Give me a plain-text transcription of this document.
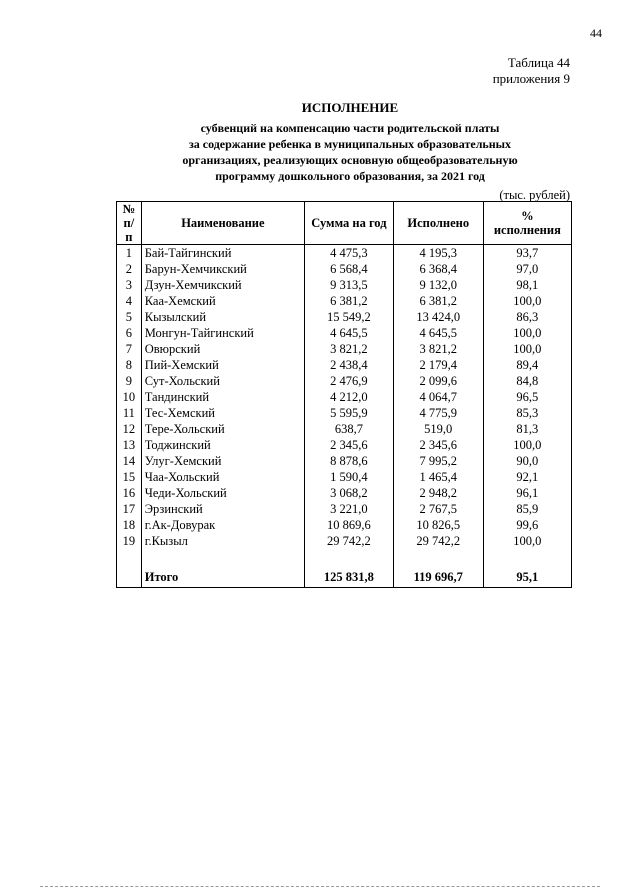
44
Таблица 44
приложения 9
ИСПОЛНЕНИЕ
субвенций на компенсацию части родительской платы
за содержание ребенка в муниципальных образовательных
организациях, реализующих основную общеобразовательную
программу дошкольного образования, за 2021 год
(тыс. рублей)
№
п/п	Наименование	Сумма на год	Исполнено	% исполнения
1	Бай-Тайгинский	4 475,3	4 195,3	93,7
2	Барун-Хемчикский	6 568,4	6 368,4	97,0
3	Дзун-Хемчикский	9 313,5	9 132,0	98,1
4	Каа-Хемский	6 381,2	6 381,2	100,0
5	Кызылский	15 549,2	13 424,0	86,3
6	Монгун-Тайгинский	4 645,5	4 645,5	100,0
7	Овюрский	3 821,2	3 821,2	100,0
8	Пий-Хемский	2 438,4	2 179,4	89,4
9	Сут-Хольский	2 476,9	2 099,6	84,8
10	Тандинский	4 212,0	4 064,7	96,5
11	Тес-Хемский	5 595,9	4 775,9	85,3
12	Тере-Хольский	638,7	519,0	81,3
13	Тоджинский	2 345,6	2 345,6	100,0
14	Улуг-Хемский	8 878,6	7 995,2	90,0
15	Чаа-Хольский	1 590,4	1 465,4	92,1
16	Чеди-Хольский	3 068,2	2 948,2	96,1
17	Эрзинский	3 221,0	2 767,5	85,9
18	г.Ак-Довурак	10 869,6	10 826,5	99,6
19	г.Кызыл	29 742,2	29 742,2	100,0

	Итого	125 831,8	119 696,7	95,1
